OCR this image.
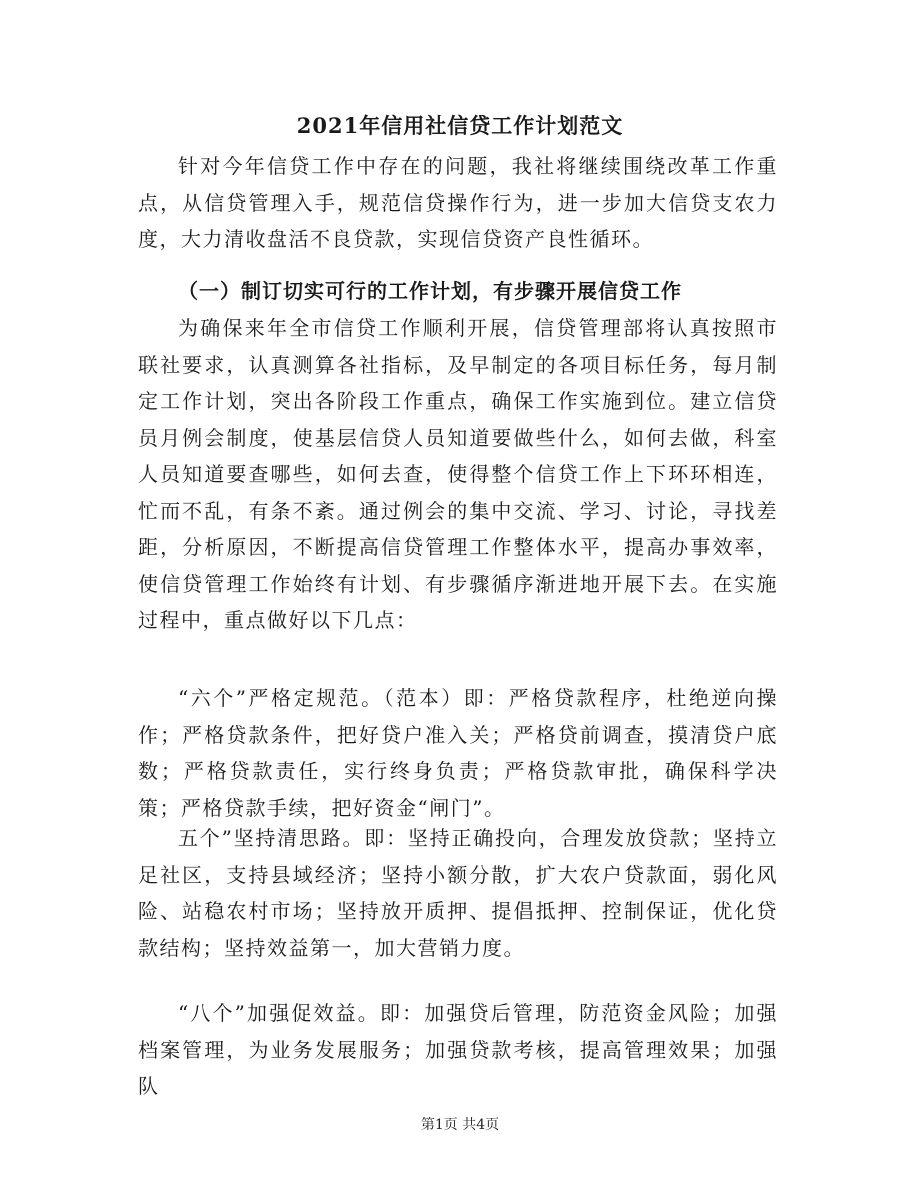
2021年信用社信贷工作计划范文
针对今年信贷工作中存在的问题，我社将继续围绕改革工作重点，从信贷管理入手，规范信贷操作行为，进一步加大信贷支农力度，大力清收盘活不良贷款，实现信贷资产良性循环。
（一）制订切实可行的工作计划，有步骤开展信贷工作
为确保来年全市信贷工作顺利开展，信贷管理部将认真按照市联社要求，认真测算各社指标，及早制定的各项目标任务，每月制定工作计划，突出各阶段工作重点，确保工作实施到位。建立信贷员月例会制度，使基层信贷人员知道要做些什么，如何去做，科室人员知道要查哪些，如何去查，使得整个信贷工作上下环环相连，忙而不乱，有条不紊。通过例会的集中交流、学习、讨论，寻找差距，分析原因，不断提高信贷管理工作整体水平，提高办事效率，使信贷管理工作始终有计划、有步骤循序渐进地开展下去。在实施过程中，重点做好以下几点：
“六个”严格定规范。（范本）即：严格贷款程序，杜绝逆向操作；严格贷款条件，把好贷户准入关；严格贷前调查，摸清贷户底数；严格贷款责任，实行终身负责；严格贷款审批，确保科学决策；严格贷款手续，把好资金“闸门”。
五个”坚持清思路。即：坚持正确投向，合理发放贷款；坚持立足社区，支持县域经济；坚持小额分散，扩大农户贷款面，弱化风险、站稳农村市场；坚持放开质押、提倡抵押、控制保证，优化贷款结构；坚持效益第一，加大营销力度。
“八个”加强促效益。即：加强贷后管理，防范资金风险；加强档案管理，为业务发展服务；加强贷款考核，提高管理效果；加强队
第1页 共4页
